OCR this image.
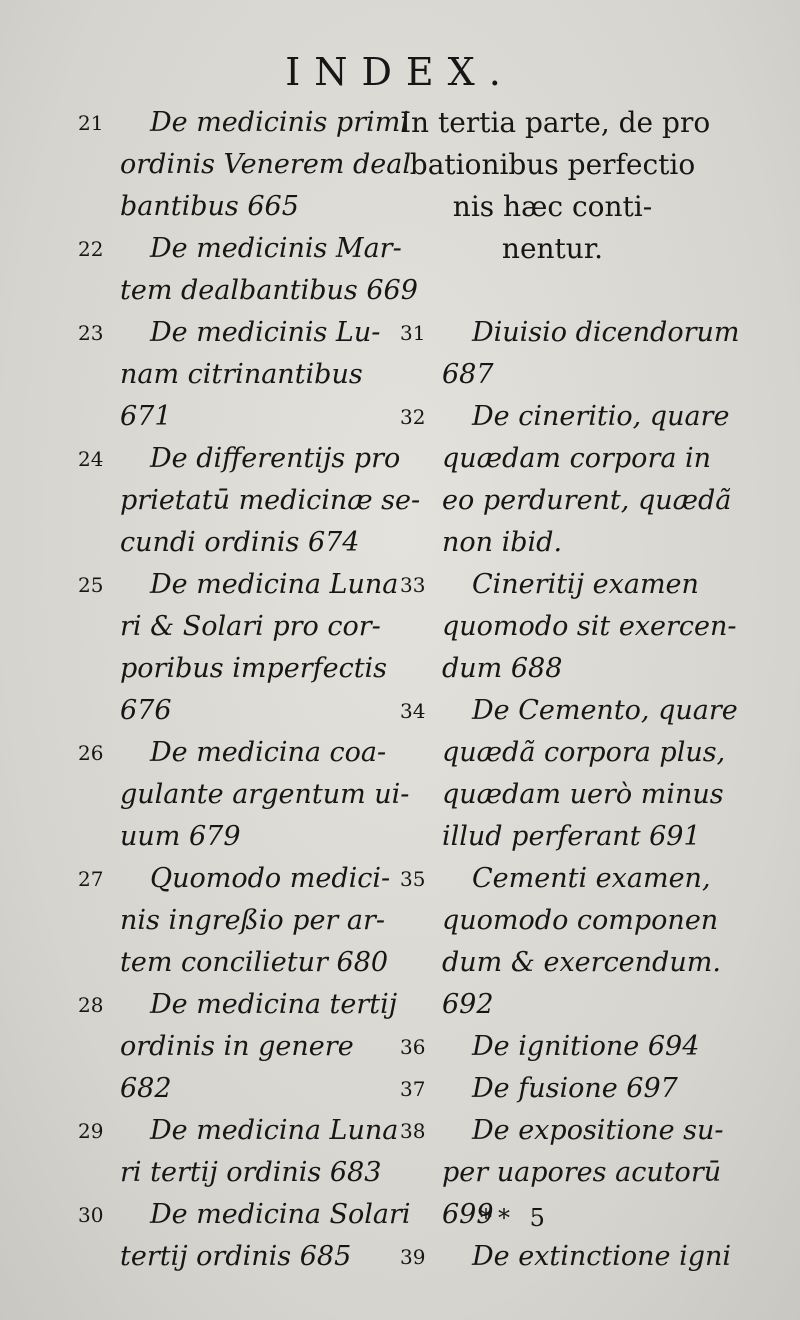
INDEX.
21	De medicinis primi
ordinis Venerem deal
bantibus 665
22	De medicinis Mar-
tem dealbantibus 669
23	De medicinis Lu-
nam citrinantibus
671
24	De differentijs pro
prietatū medicinæ se-
cundi ordinis 674
25	De medicina Luna
ri & Solari pro cor-
poribus imperfectis
676
26	De medicina coa-
gulante argentum ui-
uum 679
27	Quomodo medici-
nis ingreßio per ar-
tem concilietur 680
28	De medicina tertij
ordinis in genere
682
29	De medicina Luna
ri tertij ordinis 683
30	De medicina Solari
tertij ordinis 685
In tertia parte, de pro
bationibus perfectio
nis hæc conti-
nentur.
31	Diuisio dicendorum
687
32	De cineritio, quare
quædam corpora in
eo perdurent, quædã
non ibid.
33	Cineritij examen
quomodo sit exercen-
dum 688
34	De Cemento, quare
quædã corpora plus,
quædam uerò minus
illud perferant 691
35	Cementi examen,
quomodo componen
dum & exercendum.
692
36	De ignitione 694
37	De fusione 697
38	De expositione su-
per uapores acutorū
699
39	De extinctione igni
** 5
